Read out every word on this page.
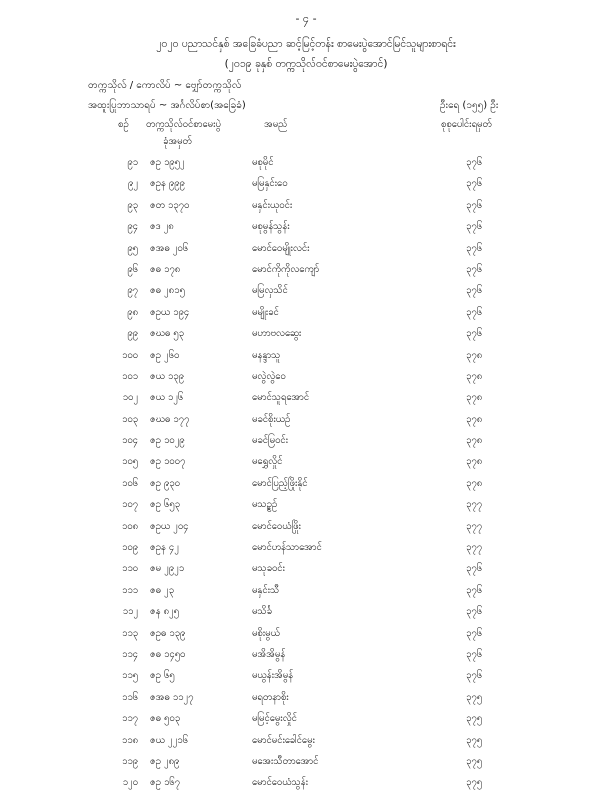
- ၄ -
၂၀၂၀ ပညာသင်နှစ် အခြေခံပညာ ဆင့်မြင့်တန်း စာမေးပွဲအောင်မြင်သူများစာရင်း
(၂၀၁၉ ခုနှစ် တက္ကသိုလ်ဝင်စာမေးပွဲအောင်)
တက္ကသိုလ် / ကောလိပ် ~ ဗျှော်တက္ကသိုလ်
အထူးပြုဘာသာရပ် ~ အင်္ဂလိပ်စာ(အခြေခံ)	ဦးရေ (၁၅၅) ဦး
စဉ် တက္ကသိုလ်ဝင်စာမေးပွဲ
ခုံအမှတ်
အမည်	စုစုပေါင်းရမှတ်
၉၁ ဇဥ ၁၉၅၂	မစုမိုင်	၃၇၆
၉၂ ဇဥန ၉၉၉	မမြနှင်းဝေ	၃၇၆
၉၃ ဇတ ၁၃၇၀	မနှင်းယုဝင်း	၃၇၆
၉၄ ဇဒ ၂၈	မစုမွန်သွန်း	၃၇၆
၉၅ ဇအဓ ၂၀၆	မောင်ဝေမျိုးလင်း	၃၇၆
၉၆ ဇဓ ၁၇၈	မောင်ကိုကိုလကျော်	၃၇၆
၉၇ ဇဓ ၂၈၁၅	မမြလှသိင်	၃၇၆
၉၈ ဇဥယ ၁၉၄	မမျိုးခင်	၃၇၆
၉၉ ဇဃဓ ၅၃	မဟာဗလဆွေး	၃၇၆
၁၀၀ ဇဥ ၂၆၀	မနန္ဒာသူ	၃၇၈
၁၀၁ ဇယ ၁၃၉	မလွဲလွဲဝေ	၃၇၈
၁၀၂ ဇယ ၁၂၆	မောင်သူရအောင်	၃၇၈
၁၀၃ ဇဃဓ ၁၇၇	မခင်စိုးယဉ်	၃၇၈
၁၀၄ ဇဥ ၁၀၂၉	မခင်မြဝင်း	၃၇၈
၁၀၅ ဇဥ ၁၀၀၇	မရွှေလှိုင်	၃၇၈
၁၀၆ ဇဥ ၉၃၀	မောင်ပြည့်ဖြိုးနိုင်	၃၇၈
၁၀၇ ဇဥ ၆၅၃	မသဉ္စဉ်	၃၇၇
၁၀၈ ဇဥယ ၂၀၄	မောင်ဝေယံဖြိုး	၃၇၇
၁၀၉ ဇဥန ၄၂	မောင်ဟန်သာအောင်	၃၇၇
၁၁၀ ဇမ ၂၉၂၁	မသုခဝင်း	၃၇၆
၁၁၁ ဇဓ ၂၃	မနှင်းသီ	၃၇၆
၁၁၂ ဇန ၈၂၅	မသိင်္ခ	၃၇၆
၁၁၃ ဇဥဓ ၁၃၉	မစိုးမွယ်	၃၇၆
၁၁၄ ဇဓ ၁၄၅၀	မအိအိမွန်	၃၇၆
၁၁၅ ဇဥ ၆၅	မယွန်းအိမွန်	၃၇၆
၁၁၆ ဇအဓ ၁၁၂၇	မရတနာစိုး	၃၇၅
၁၁၇ ဇဓ ၅၀၃	မမြင့်မွေးလှိုင်	၃၇၅
၁၁၈ ဇယ ၂၂၁၆	မောင်မင်းခေါင်မွေး	၃၇၅
၁၁၉ ဇဥ ၂၈၉	မအေးသီတာအောင်	၃၇၅
၁၂၀ ဇဥ ၁၆၇	မောင်ဝေယံသွန်း	၃၇၅
